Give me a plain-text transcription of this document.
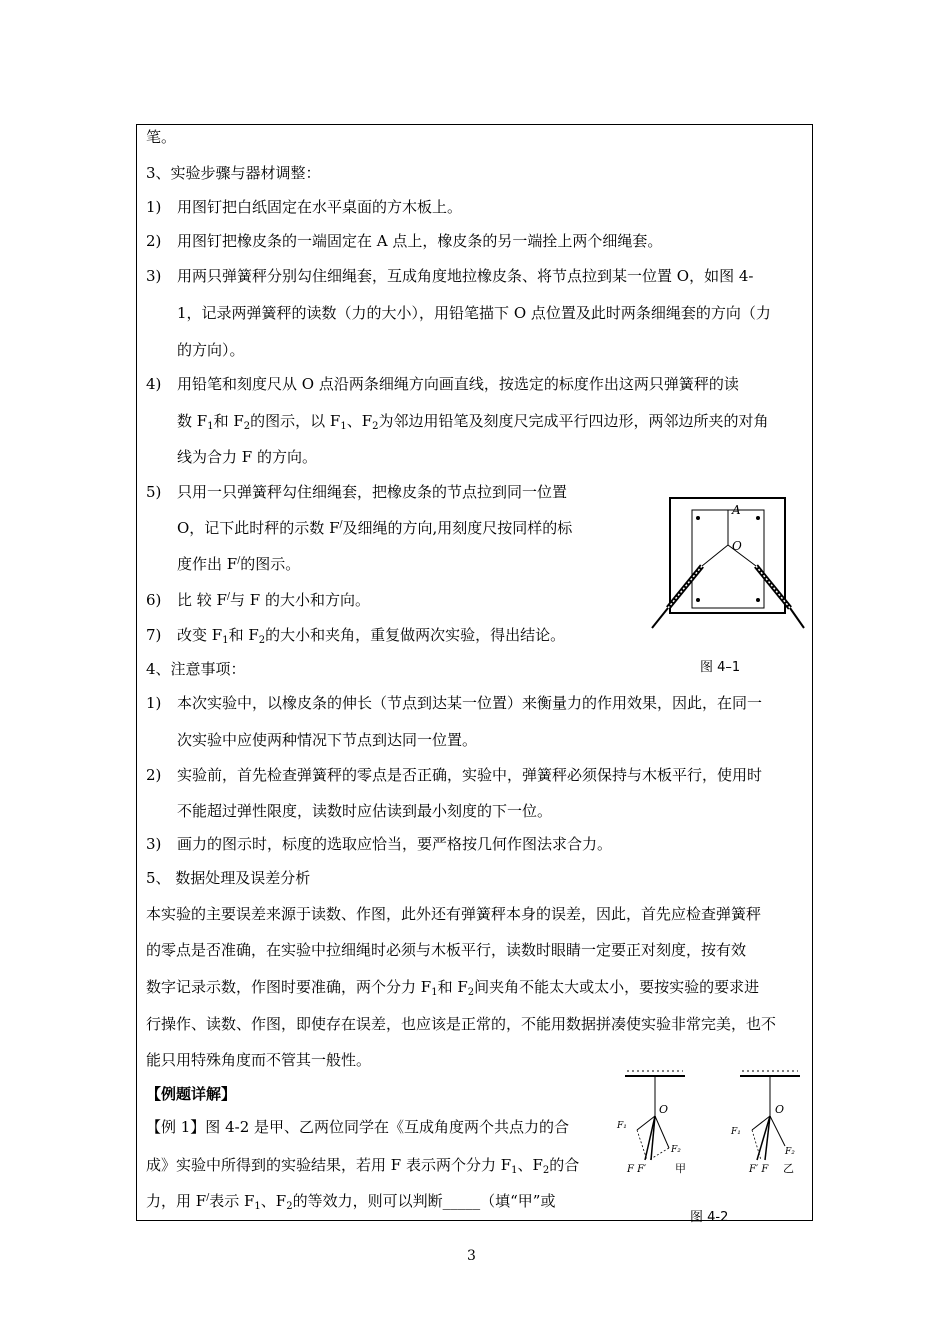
笔。
3、实验步骤与器材调整：
1) 用图钉把白纸固定在水平桌面的方木板上。
2) 用图钉把橡皮条的一端固定在 A 点上，橡皮条的另一端拴上两个细绳套。
3) 用两只弹簧秤分别勾住细绳套，互成角度地拉橡皮条、将节点拉到某一位置 O，如图 4-
1，记录两弹簧秤的读数（力的大小），用铅笔描下 O 点位置及此时两条细绳套的方向（力
的方向）。
4) 用铅笔和刻度尺从 O 点沿两条细绳方向画直线，按选定的标度作出这两只弹簧秤的读
数 $F_1$和 $F_2$的图示，以 $F_1$、$F_2$为邻边用铅笔及刻度尺完成平行四边形，两邻边所夹的对角
线为合力 F 的方向。
5) 只用一只弹簧秤勾住细绳套，把橡皮条的节点拉到同一位置
O，记下此时秤的示数 F/及细绳的方向,用刻度尺按同样的标
度作出 F/的图示。
6) 比 较 F/与 F 的大小和方向。
7) 改变 $F_1$和 $F_2$的大小和夹角，重复做两次实验，得出结论。
4、注意事项：
1) 本次实验中，以橡皮条的伸长（节点到达某一位置）来衡量力的作用效果，因此，在同一
次实验中应使两种情况下节点到达同一位置。
2) 实验前，首先检查弹簧秤的零点是否正确，实验中，弹簧秤必须保持与木板平行，使用时
不能超过弹性限度，读数时应估读到最小刻度的下一位。
3) 画力的图示时，标度的选取应恰当，要严格按几何作图法求合力。
5、 数据处理及误差分析
本实验的主要误差来源于读数、作图，此外还有弹簧秤本身的误差，因此，首先应检查弹簧秤
的零点是否准确，在实验中拉细绳时必须与木板平行，读数时眼睛一定要正对刻度，按有效
数字记录示数，作图时要准确，两个分力 $F_1$和 $F_2$间夹角不能太大或太小，要按实验的要求进
行操作、读数、作图，即使存在误差，也应该是正常的，不能用数据拼凑使实验非常完美，也不
能只用特殊角度而不管其一般性。
【例题详解】
【例 1】图 4-2 是甲、乙两位同学在《互成角度两个共点力的合
成》实验中所得到的实验结果，若用 F 表示两个分力 $F_1$、$F_2$的合
力，用 F/表示 $F_1$、$F_2$的等效力，则可以判断_____（填“甲”或
A
O
图 4–1
O
F₁
F₂
F F′	甲
O
F₁
F₂
F′ F 乙
图 4-2
3
